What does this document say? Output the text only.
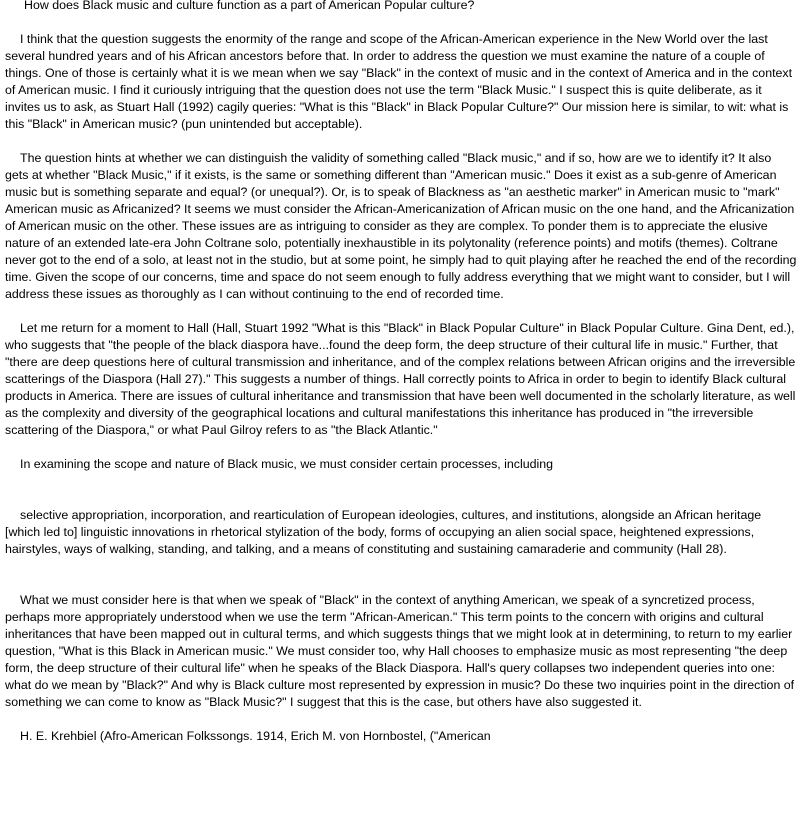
How does Black music and culture function as a part of American Popular culture?

I think that the question suggests the enormity of the range and scope of the African-American experience in the New World over the last several hundred years and of his African ancestors before that. In order to address the question we must examine the nature of a couple of things. One of those is certainly what it is we mean when we say "Black" in the context of music and in the context of America and in the context of American music. I find it curiously intriguing that the question does not use the term "Black Music." I suspect this is quite deliberate, as it invites us to ask, as Stuart Hall (1992) cagily queries: "What is this "Black" in Black Popular Culture?" Our mission here is similar, to wit: what is this "Black" in American music? (pun unintended but acceptable).

The question hints at whether we can distinguish the validity of something called "Black music," and if so, how are we to identify it? It also gets at whether "Black Music," if it exists, is the same or something different than "American music." Does it exist as a sub-genre of American music but is something separate and equal? (or unequal?). Or, is to speak of Blackness as "an aesthetic marker" in American music to "mark" American music as Africanized? It seems we must consider the African-Americanization of African music on the one hand, and the Africanization of American music on the other. These issues are as intriguing to consider as they are complex. To ponder them is to appreciate the elusive nature of an extended late-era John Coltrane solo, potentially inexhaustible in its polytonality (reference points) and motifs (themes). Coltrane never got to the end of a solo, at least not in the studio, but at some point, he simply had to quit playing after he reached the end of the recording time. Given the scope of our concerns, time and space do not seem enough to fully address everything that we might want to consider, but I will address these issues as thoroughly as I can without continuing to the end of recorded time.

Let me return for a moment to Hall (Hall, Stuart 1992 "What is this "Black" in Black Popular Culture" in Black Popular Culture. Gina Dent, ed.), who suggests that "the people of the black diaspora have...found the deep form, the deep structure of their cultural life in music." Further, that "there are deep questions here of cultural transmission and inheritance, and of the complex relations between African origins and the irreversible scatterings of the Diaspora (Hall 27)." This suggests a number of things. Hall correctly points to Africa in order to begin to identify Black cultural products in America. There are issues of cultural inheritance and transmission that have been well documented in the scholarly literature, as well as the complexity and diversity of the geographical locations and cultural manifestations this inheritance has produced in "the irreversible scattering of the Diaspora," or what Paul Gilroy refers to as "the Black Atlantic."

In examining the scope and nature of Black music, we must consider certain processes, including

selective appropriation, incorporation, and rearticulation of European ideologies, cultures, and institutions, alongside an African heritage [which led to] linguistic innovations in rhetorical stylization of the body, forms of occupying an alien social space, heightened expressions, hairstyles, ways of walking, standing, and talking, and a means of constituting and sustaining camaraderie and community (Hall 28).

What we must consider here is that when we speak of "Black" in the context of anything American, we speak of a syncretized process, perhaps more appropriately understood when we use the term "African-American." This term points to the concern with origins and cultural inheritances that have been mapped out in cultural terms, and which suggests things that we might look at in determining, to return to my earlier question, "What is this Black in American music." We must consider too, why Hall chooses to emphasize music as most representing "the deep form, the deep structure of their cultural life" when he speaks of the Black Diaspora. Hall's query collapses two independent queries into one: what do we mean by "Black?" And why is Black culture most represented by expression in music? Do these two inquiries point in the direction of something we can come to know as "Black Music?" I suggest that this is the case, but others have also suggested it.

H. E. Krehbiel (Afro-American Folkssongs. 1914, Erich M. von Hornbostel, ("American
